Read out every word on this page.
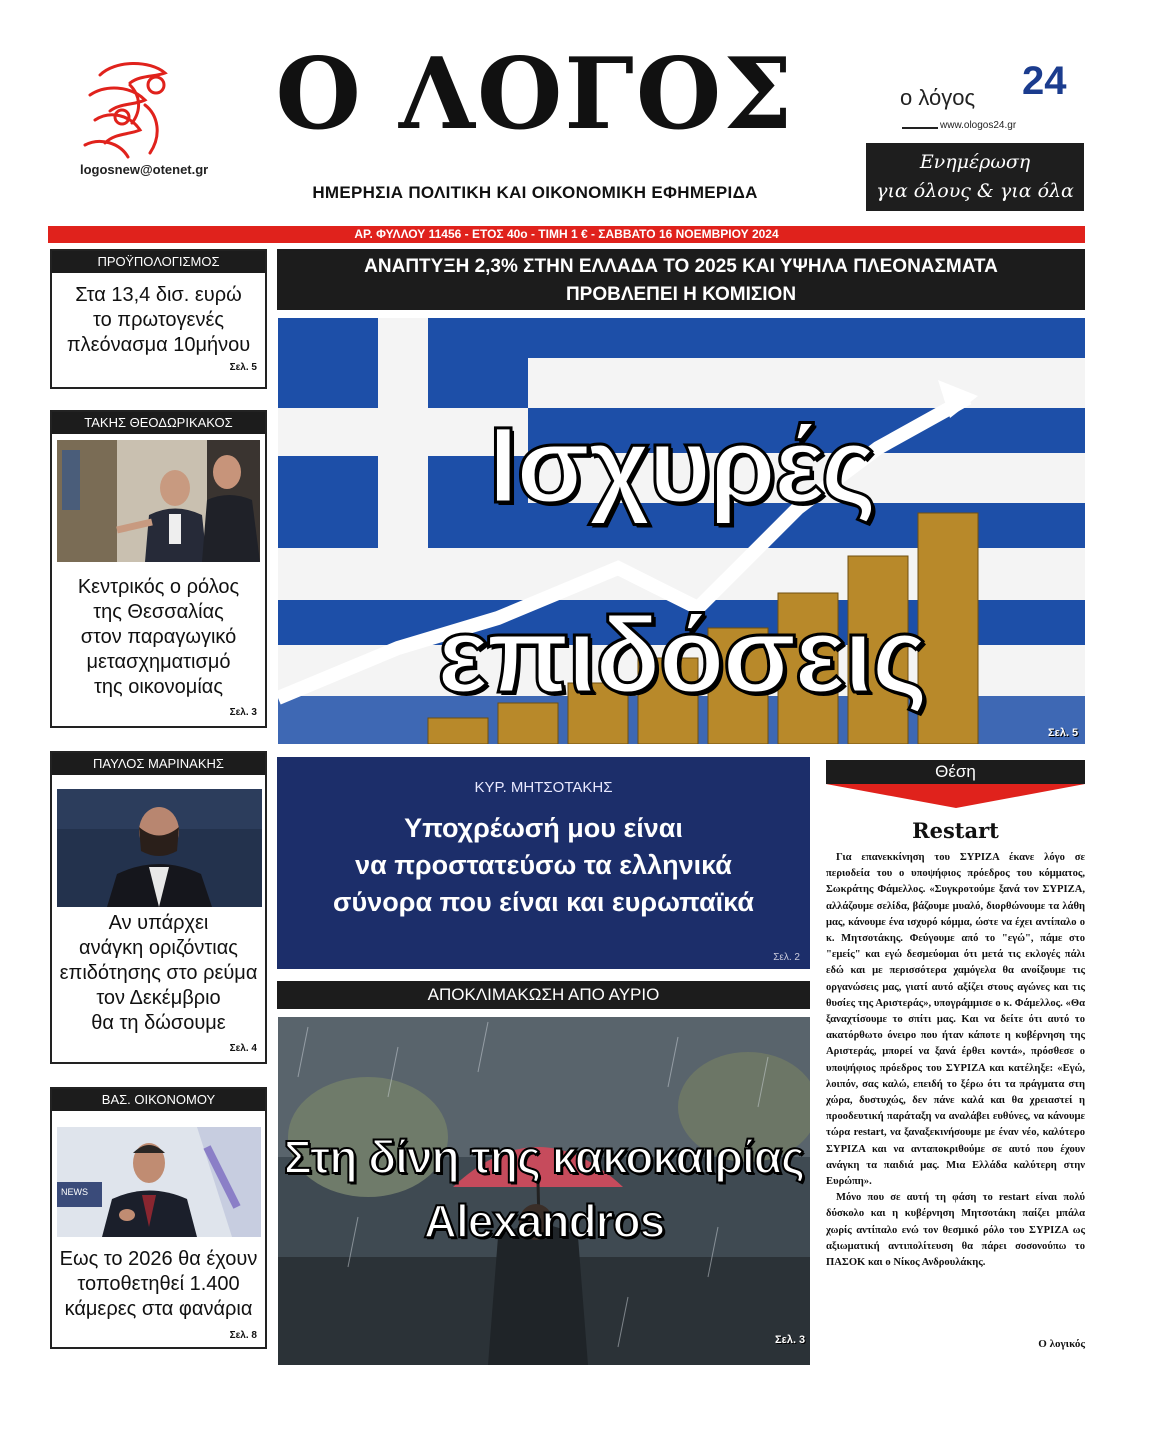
logosnew@otenet.gr
Ο ΛΟΓΟΣ
ΗΜΕΡΗΣΙΑ ΠΟΛΙΤΙΚΗ ΚΑΙ ΟΙΚΟΝΟΜΙΚΗ ΕΦΗΜΕΡΙΔΑ
ο λόγος 24
www.ologos24.gr
Ενημέρωση
για όλους & για όλα
ΑΡ. ΦΥΛΛΟΥ 11456 - ΕΤΟΣ 40ο - ΤΙΜΗ 1 € - ΣΑΒΒΑΤΟ 16 ΝΟΕΜΒΡΙΟΥ 2024
ΠΡΟΫΠΟΛΟΓΙΣΜΟΣ
Στα 13,4 δισ. ευρώ
το πρωτογενές
πλεόνασμα 10μήνου
Σελ. 5
ΤΑΚΗΣ ΘΕΟΔΩΡΙΚΑΚΟΣ
Κεντρικός ο ρόλος
της Θεσσαλίας
στον παραγωγικό
μετασχηματισμό
της οικονομίας
Σελ. 3
ΠΑΥΛΟΣ ΜΑΡΙΝΑΚΗΣ
Αν υπάρχει
ανάγκη οριζόντιας
επιδότησης στο ρεύμα
τον Δεκέμβριο
θα τη δώσουμε
Σελ. 4
ΒΑΣ. ΟΙΚΟΝΟΜΟΥ
NEWS
Εως το 2026 θα έχουν
τοποθετηθεί 1.400
κάμερες στα φανάρια
Σελ. 8
ΑΝΑΠΤΥΞΗ 2,3% ΣΤΗΝ ΕΛΛΑΔΑ ΤΟ 2025 ΚΑΙ ΥΨΗΛΑ ΠΛΕΟΝΑΣΜΑΤΑ
ΠΡΟΒΛΕΠΕΙ Η ΚΟΜΙΣΙΟΝ
Ισχυρές
επιδόσεις
Σελ. 5
ΚΥΡ. ΜΗΤΣΟΤΑΚΗΣ
Υποχρέωσή μου είναι
να προστατεύσω τα ελληνικά
σύνορα που είναι και ευρωπαϊκά
Σελ. 2
ΑΠΟΚΛΙΜΑΚΩΣΗ ΑΠΟ ΑΥΡΙΟ
Στη δίνη της κακοκαιρίας
Alexandros
Σελ. 3
Θέση
Restart

Για επανεκκίνηση του ΣΥΡΙΖΑ έκανε λόγο σε περιοδεία του ο υποψήφιος πρόεδρος του κόμματος, Σωκράτης Φάμελλος. «Συγκροτούμε ξανά τον ΣΥΡΙΖΑ, αλλάζουμε σελίδα, βάζουμε μυαλό, διορθώνουμε τα λάθη μας, κάνουμε ένα ισχυρό κόμμα, ώστε να έχει αντίπαλο ο κ. Μητσοτάκης. Φεύγουμε από το "εγώ", πάμε στο "εμείς" και εγώ δεσμεύομαι ότι μετά τις εκλογές πάλι εδώ και με περισσότερα χαμόγελα θα ανοίξουμε τις οργανώσεις μας, γιατί αυτό αξίζει στους αγώνες και τις θυσίες της Αριστεράς», υπογράμμισε ο κ. Φάμελλος. «Θα ξαναχτίσουμε το σπίτι μας. Και να δείτε ότι αυτό το ακατόρθωτο όνειρο που ήταν κάποτε η κυβέρνηση της Αριστεράς, μπορεί να ξανά έρθει κοντά», πρόσθεσε ο υποψήφιος πρόεδρος του ΣΥΡΙΖΑ και κατέληξε: «Εγώ, λοιπόν, σας καλώ, επειδή το ξέρω ότι τα πράγματα στη χώρα, δυστυχώς, δεν πάνε καλά και θα χρειαστεί η προοδευτική παράταξη να αναλάβει ευθύνες, να κάνουμε τώρα restart, να ξαναξεκινήσουμε με έναν νέο, καλύτερο ΣΥΡΙΖΑ και να ανταποκριθούμε σε αυτό που έχουν ανάγκη τα παιδιά μας. Μια Ελλάδα καλύτερη στην Ευρώπη».

Μόνο που σε αυτή τη φάση το restart είναι πολύ δύσκολο και η κυβέρνηση Μητσοτάκη παίζει μπάλα χωρίς αντίπαλο ενώ τον θεσμικό ρόλο του ΣΥΡΙΖΑ ως αξιωματική αντιπολίτευση θα πάρει σοσονούπω το ΠΑΣΟΚ και ο Νίκος Ανδρουλάκης.

Ο λογικός
